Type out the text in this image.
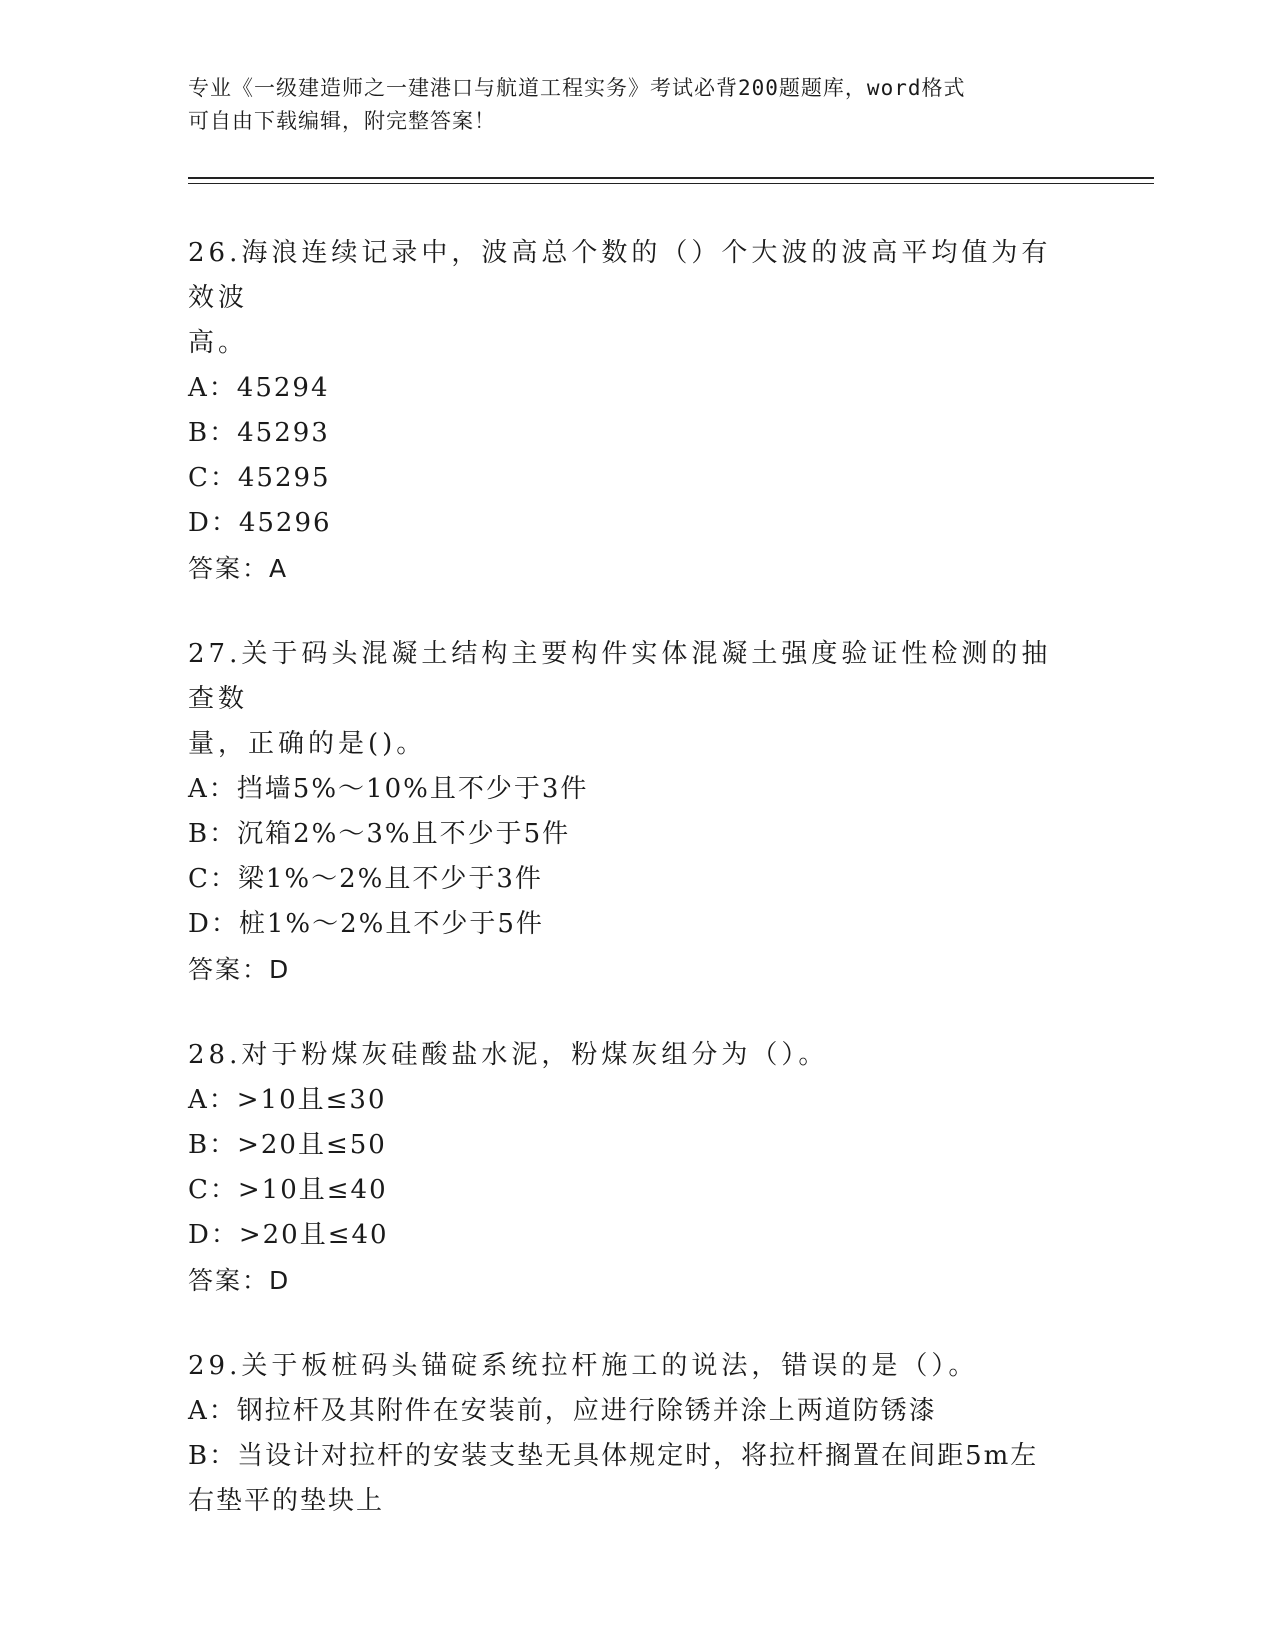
专业《一级建造师之一建港口与航道工程实务》考试必背200题题库，word格式

可自由下载编辑，附完整答案！

26.海浪连续记录中，波高总个数的（）个大波的波高平均值为有效波

高。

A：45294

B：45293

C：45295

D：45296

答案：A

27.关于码头混凝土结构主要构件实体混凝土强度验证性检测的抽查数

量，正确的是()。

A：挡墙5%～10%且不少于3件

B：沉箱2%～3%且不少于5件

C：梁1%～2%且不少于3件

D：桩1%～2%且不少于5件

答案：D

28.对于粉煤灰硅酸盐水泥，粉煤灰组分为（）。

A：>10且≤30

B：>20且≤50

C：>10且≤40

D：>20且≤40

答案：D

29.关于板桩码头锚碇系统拉杆施工的说法，错误的是（）。

A：钢拉杆及其附件在安装前，应进行除锈并涂上两道防锈漆

B：当设计对拉杆的安装支垫无具体规定时，将拉杆搁置在间距5m左

右垫平的垫块上
